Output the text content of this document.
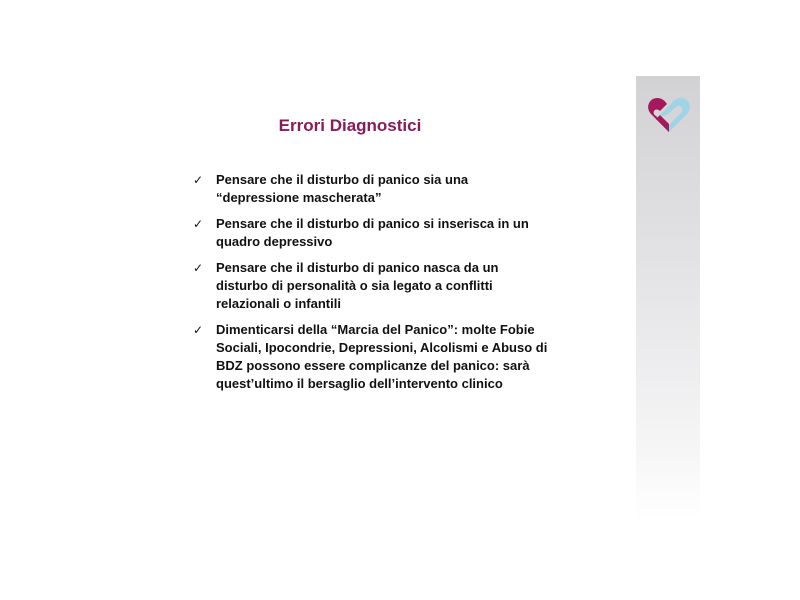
Errori Diagnostici
✓ Pensare che il disturbo di panico sia una “depressione mascherata”
✓ Pensare che il disturbo di panico si inserisca in un quadro depressivo
✓ Pensare che il disturbo di panico nasca da un disturbo di personalità o sia legato a conflitti relazionali o infantili
✓ Dimenticarsi della “Marcia del Panico”: molte Fobie Sociali, Ipocondrie, Depressioni, Alcolismi e Abuso di BDZ possono essere complicanze del panico: sarà quest’ultimo il bersaglio dell’intervento clinico
